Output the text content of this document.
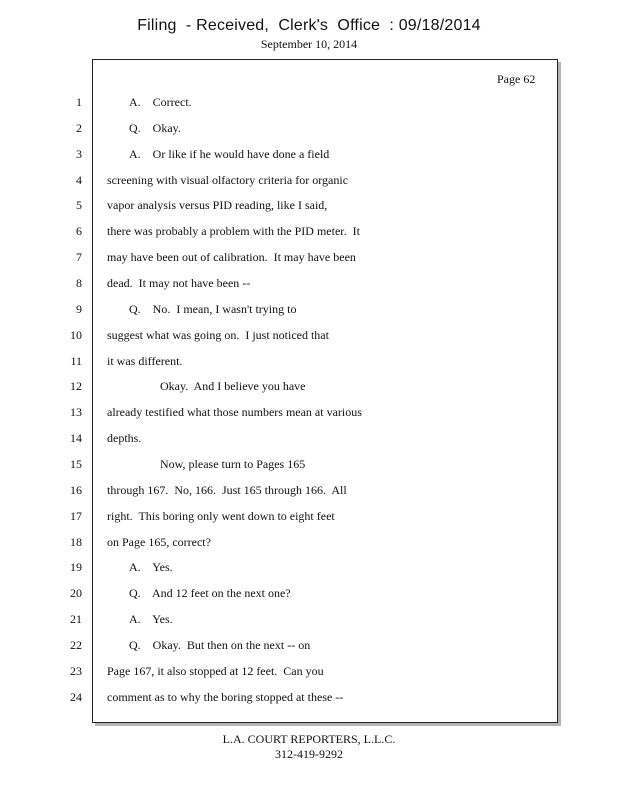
Filing  - Received,  Clerk's  Office  : 09/18/2014
September 10, 2014
Page 62
1	A.    Correct.
2	Q.    Okay.
3	A.    Or like if he would have done a field
4 screening with visual olfactory criteria for organic
5 vapor analysis versus PID reading, like I said,
6 there was probably a problem with the PID meter.  It
7 may have been out of calibration.  It may have been
8 dead.  It may not have been --
9	Q.    No.  I mean, I wasn't trying to
10 suggest what was going on.  I just noticed that
11 it was different.
12	Okay.  And I believe you have
13 already testified what those numbers mean at various
14 depths.
15	Now, please turn to Pages 165
16 through 167.  No, 166.  Just 165 through 166.  All
17 right.  This boring only went down to eight feet
18 on Page 165, correct?
19	A.    Yes.
20	Q.    And 12 feet on the next one?
21	A.    Yes.
22	Q.    Okay.  But then on the next -- on
23 Page 167, it also stopped at 12 feet.  Can you
24 comment as to why the boring stopped at these --
L.A. COURT REPORTERS, L.L.C.
312-419-9292
